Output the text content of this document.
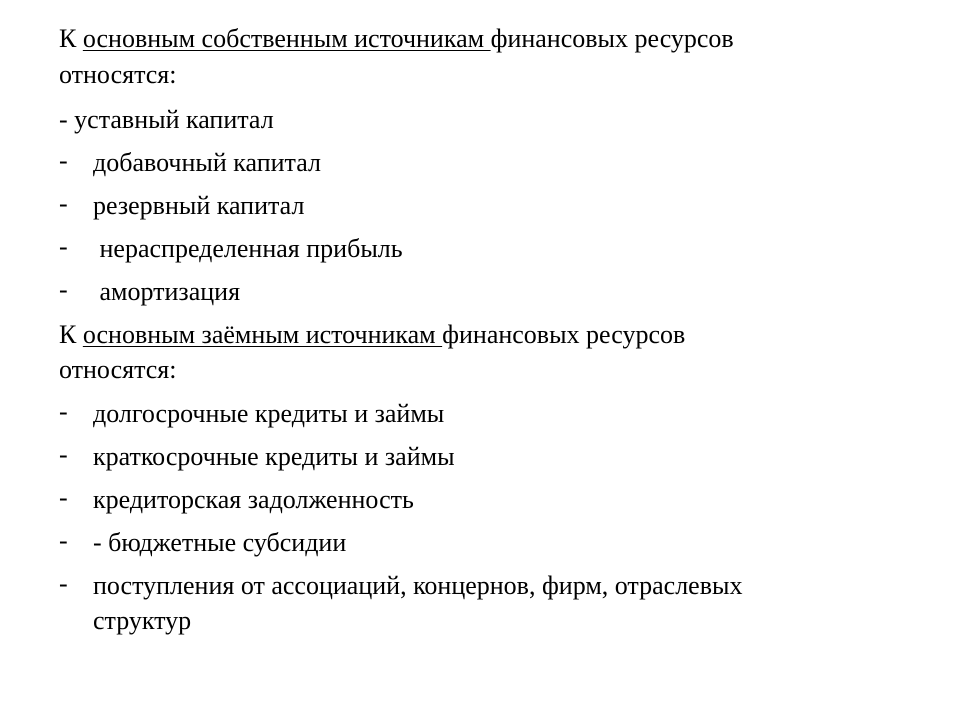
К основным собственным источникам финансовых ресурсов
относятся:
- уставный капитал
- добавочный капитал
- резервный капитал
- нераспределенная прибыль
- амортизация
К основным заёмным источникам финансовых ресурсов
относятся:
- долгосрочные кредиты и займы
- краткосрочные кредиты и займы
- кредиторская задолженность
- - бюджетные субсидии
- поступления от ассоциаций, концернов, фирм, отраслевых
структур
